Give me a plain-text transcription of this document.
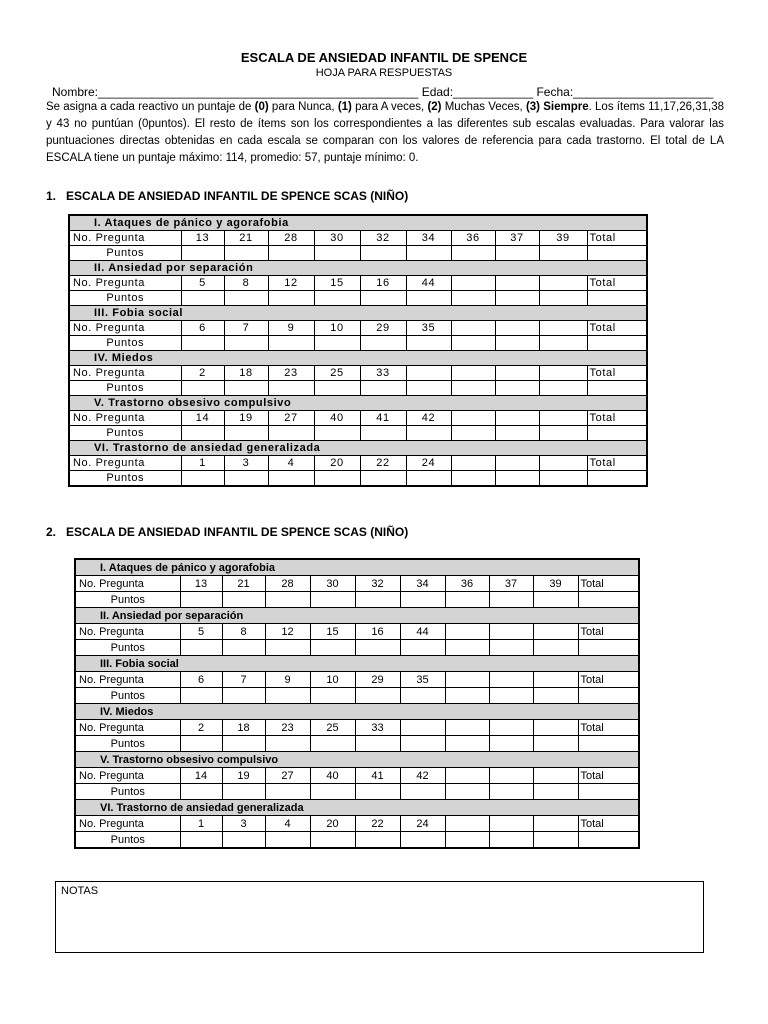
ESCALA DE ANSIEDAD INFANTIL DE SPENCE
HOJA PARA RESPUESTAS
Nombre:________________________________________________ Edad:____________ Fecha:_____________________
Se asigna a cada reactivo un puntaje de (0) para Nunca, (1) para A veces, (2) Muchas Veces, (3) Siempre. Los ítems 11,17,26,31,38 y 43 no puntúan (0puntos). El resto de ítems son los correspondientes a las diferentes sub escalas evaluadas. Para valorar las puntuaciones directas obtenidas en cada escala se comparan con los valores de referencia para cada trastorno. El total de LA ESCALA tiene un puntaje máximo: 114, promedio: 57, puntaje mínimo: 0.
1.   ESCALA DE ANSIEDAD INFANTIL DE SPENCE SCAS (NIÑO)
I. Ataques de pánico y agorafobia										
No. Pregunta	13	21	28	30	32	34	36	37	39	Total
Puntos										
II. Ansiedad por separación										
No. Pregunta	5	8	12	15	16	44				Total
Puntos										
III. Fobia social										
No. Pregunta	6	7	9	10	29	35				Total
Puntos										
IV. Miedos										
No. Pregunta	2	18	23	25	33					Total
Puntos										
V. Trastorno obsesivo compulsivo										
No. Pregunta	14	19	27	40	41	42				Total
Puntos										
VI. Trastorno de ansiedad generalizada										
No. Pregunta	1	3	4	20	22	24				Total
Puntos										
2.   ESCALA DE ANSIEDAD INFANTIL DE SPENCE SCAS (NIÑO)
I. Ataques de pánico y agorafobia										
No. Pregunta	13	21	28	30	32	34	36	37	39	Total
Puntos										
II. Ansiedad por separación										
No. Pregunta	5	8	12	15	16	44				Total
Puntos										
III. Fobia social										
No. Pregunta	6	7	9	10	29	35				Total
Puntos										
IV. Miedos										
No. Pregunta	2	18	23	25	33					Total
Puntos										
V. Trastorno obsesivo compulsivo										
No. Pregunta	14	19	27	40	41	42				Total
Puntos										
VI. Trastorno de ansiedad generalizada										
No. Pregunta	1	3	4	20	22	24				Total
Puntos										
NOTAS
